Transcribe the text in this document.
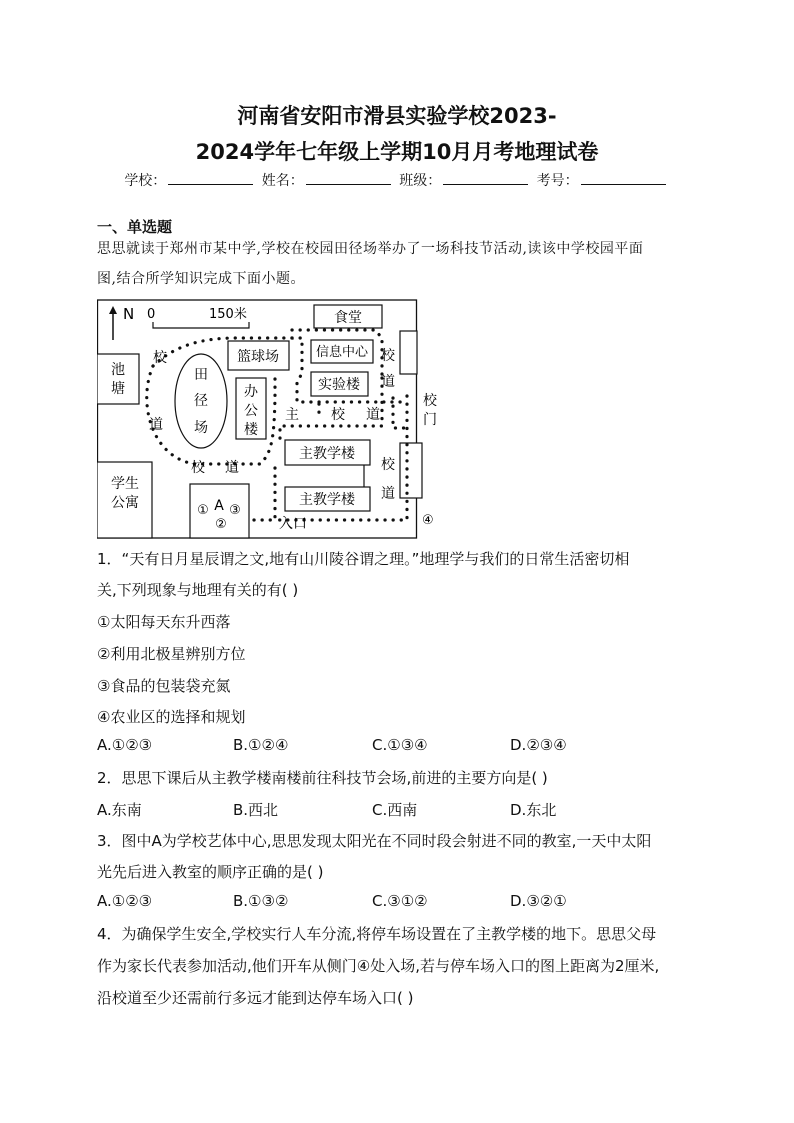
河南省安阳市滑县实验学校2023-
2024学年七年级上学期10月月考地理试卷
学校：	姓名：	班级：	考号：
一、单选题
思思就读于郑州市某中学,学校在校园田径场举办了一场科技节活动,读该中学校园平面
图,结合所学知识完成下面小题。
N 0	150米	食堂
篮球场	信息中心
实验楼
池
塘
田
径
场
办
公
楼
主教学楼
主教学楼
学生
公寓	① A ③
②
校
道
校 道
主 校 道
校
道
校
道
校
门
④
入口
1．“天有日月星辰谓之文,地有山川陵谷谓之理。”地理学与我们的日常生活密切相
关,下列现象与地理有关的有( )
①太阳每天东升西落
②利用北极星辨别方位
③食品的包装袋充氮
④农业区的选择和规划
A.①②③	B.①②④	C.①③④	D.②③④
2．思思下课后从主教学楼南楼前往科技节会场,前进的主要方向是( )
A.东南	B.西北	C.西南	D.东北
3．图中A为学校艺体中心,思思发现太阳光在不同时段会射进不同的教室,一天中太阳
光先后进入教室的顺序正确的是( )
A.①②③	B.①③②	C.③①②	D.③②①
4．为确保学生安全,学校实行人车分流,将停车场设置在了主教学楼的地下。思思父母
作为家长代表参加活动,他们开车从侧门④处入场,若与停车场入口的图上距离为2厘米,
沿校道至少还需前行多远才能到达停车场入口( )
